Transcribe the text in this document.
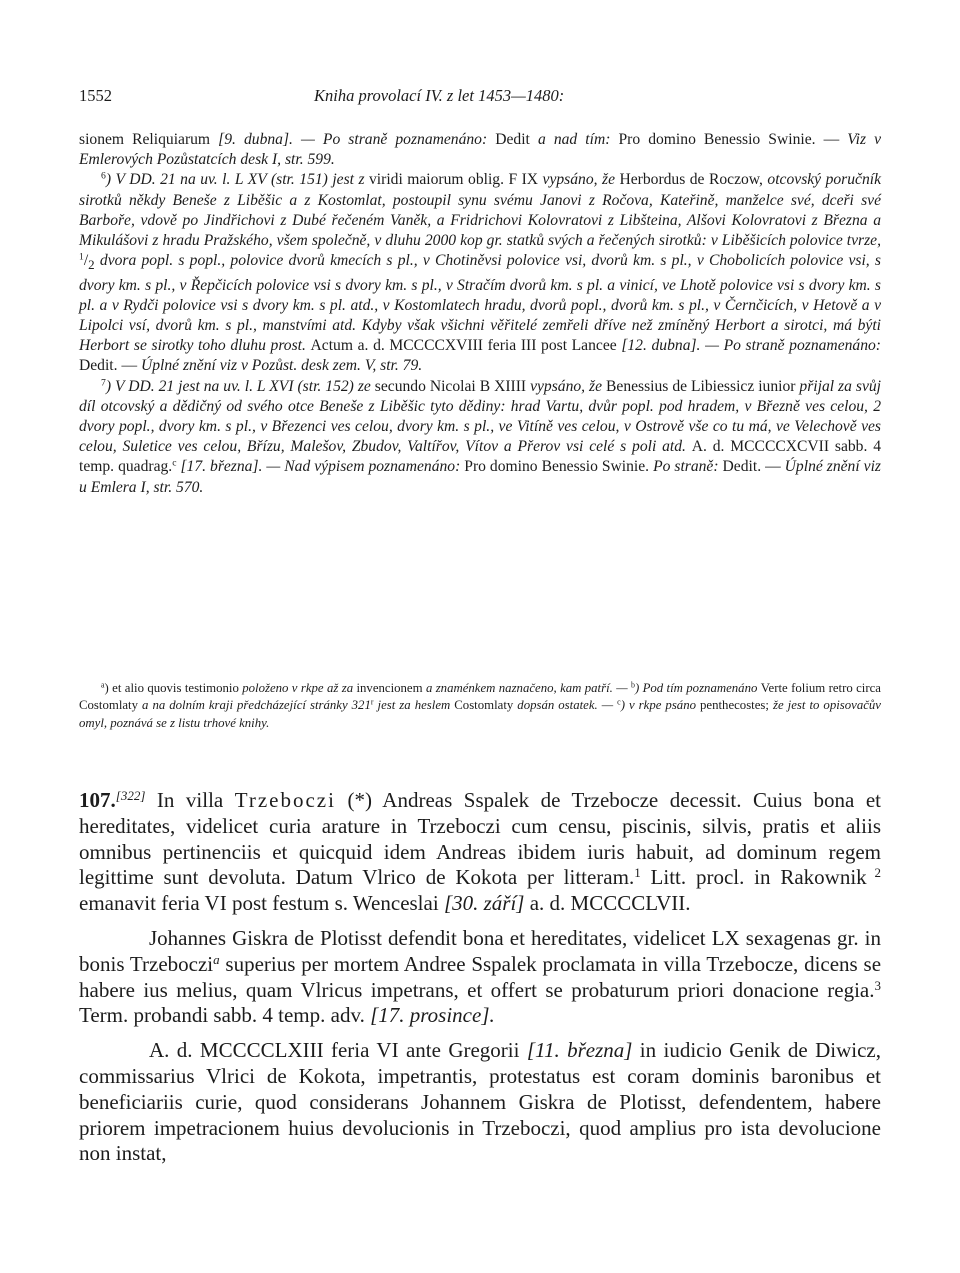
1552	Kniha provolací IV. z let 1453—1480:

sionem Reliquiarum [9. dubna]. — Po straně poznamenáno: Dedit a nad tím: Pro domino Benessio Swinie. — Viz v Emlerových Pozůstatcích desk I, str. 599.

$^6$) V DD. 21 na uv. l. L XV (str. 151) jest z viridi maiorum oblig. F IX vypsáno, že Herbordus de Roczow, otcovský poručník sirotků někdy Beneše z Liběšic a z Kostomlat, postoupil synu svému Janovi z Ročova, Kateřině, manželce své, dceři své Barboře, vdově po Jindřichovi z Dubé řečeném Vaněk, a Fridrichovi Kolovratovi z Libšteina, Alšovi Kolovratovi z Března a Mikulášovi z hradu Pražského, všem společně, v dluhu 2000 kop gr. statků svých a řečených sirotků: v Liběšicích polovice tvrze, $^1/_2$ dvora popl. s popl., polovice dvorů kmecích s pl., v Chotiněvsi polovice vsi, dvorů km. s pl., v Chobolicích polovice vsi, s dvory km. s pl., v Řepčicích polovice vsi s dvory km. s pl., v Stračím dvorů km. s pl. a vinicí, ve Lhotě polovice vsi s dvory km. s pl. a v Rydči polovice vsi s dvory km. s pl. atd., v Kostomlatech hradu, dvorů popl., dvorů km. s pl., v Černčicích, v Hetově a v Lipolci vsí, dvorů km. s pl., manstvími atd. Kdyby však všichni věřitelé zemřeli dříve než zmíněný Herbort a sirotci, má býti Herbort se sirotky toho dluhu prost. Actum a. d. MCCCCXVIII feria III post Lancee [12. dubna]. — Po straně poznamenáno: Dedit. — Úplné znění viz v Pozůst. desk zem. V, str. 79.

$^7$) V DD. 21 jest na uv. l. L XVI (str. 152) ze secundo Nicolai B XIIII vypsáno, že Benessius de Libiessicz iunior přijal za svůj díl otcovský a dědičný od svého otce Beneše z Liběšic tyto dědiny: hrad Vartu, dvůr popl. pod hradem, v Březně ves celou, 2 dvory popl., dvory km. s pl., v Březenci ves celou, dvory km. s pl., ve Vitíně ves celou, v Ostrově vše co tu má, ve Velechově ves celou, Suletice ves celou, Břízu, Malešov, Zbudov, Valtířov, Vítov a Přerov vsi celé s poli atd. A. d. MCCCCXCVII sabb. 4 temp. quadrag.$^c$ [17. března]. — Nad výpisem poznamenáno: Pro domino Benessio Swinie. Po straně: Dedit. — Úplné znění viz u Emlera I, str. 570.

$^a$) et alio quovis testimonio položeno v rkpe až za invencionem a znaménkem naznačeno, kam patří. — $^b$) Pod tím poznamenáno Verte folium retro circa Costomlaty a na dolním kraji předcházející stránky 321$^r$ jest za heslem Costomlaty dopsán ostatek. — $^c$) v rkpe psáno penthecostes; že jest to opisovačův omyl, poznává se z listu trhové knihy.

107.[322] In villa Trzeboczi (*) Andreas Sspalek de Trzebocze decessit. Cuius bona et hereditates, videlicet curia arature in Trzeboczi cum censu, piscinis, silvis, pratis et aliis omnibus pertinenciis et quicquid idem Andreas ibidem iuris habuit, ad dominum regem legittime sunt devoluta. Datum Vlrico de Kokota per litteram.$^1$ Litt. procl. in Rakownik $^2$ emanavit feria VI post festum s. Wenceslai [30. září] a. d. MCCCCLVII.

Johannes Giskra de Plotisst defendit bona et hereditates, videlicet LX sexagenas gr. in bonis Trzeboczi$^a$ superius per mortem Andree Sspalek proclamata in villa Trzebocze, dicens se habere ius melius, quam Vlricus impetrans, et offert se probaturum priori donacione regia.$^3$ Term. probandi sabb. 4 temp. adv. [17. prosince].

A. d. MCCCCLXIII feria VI ante Gregorii [11. března] in iudicio Genik de Diwicz, commissarius Vlrici de Kokota, impetrantis, protestatus est coram dominis baronibus et beneficiariis curie, quod considerans Johannem Giskra de Plotisst, defendentem, habere priorem impetracionem huius devolucionis in Trzeboczi, quod amplius pro ista devolucione non instat,
